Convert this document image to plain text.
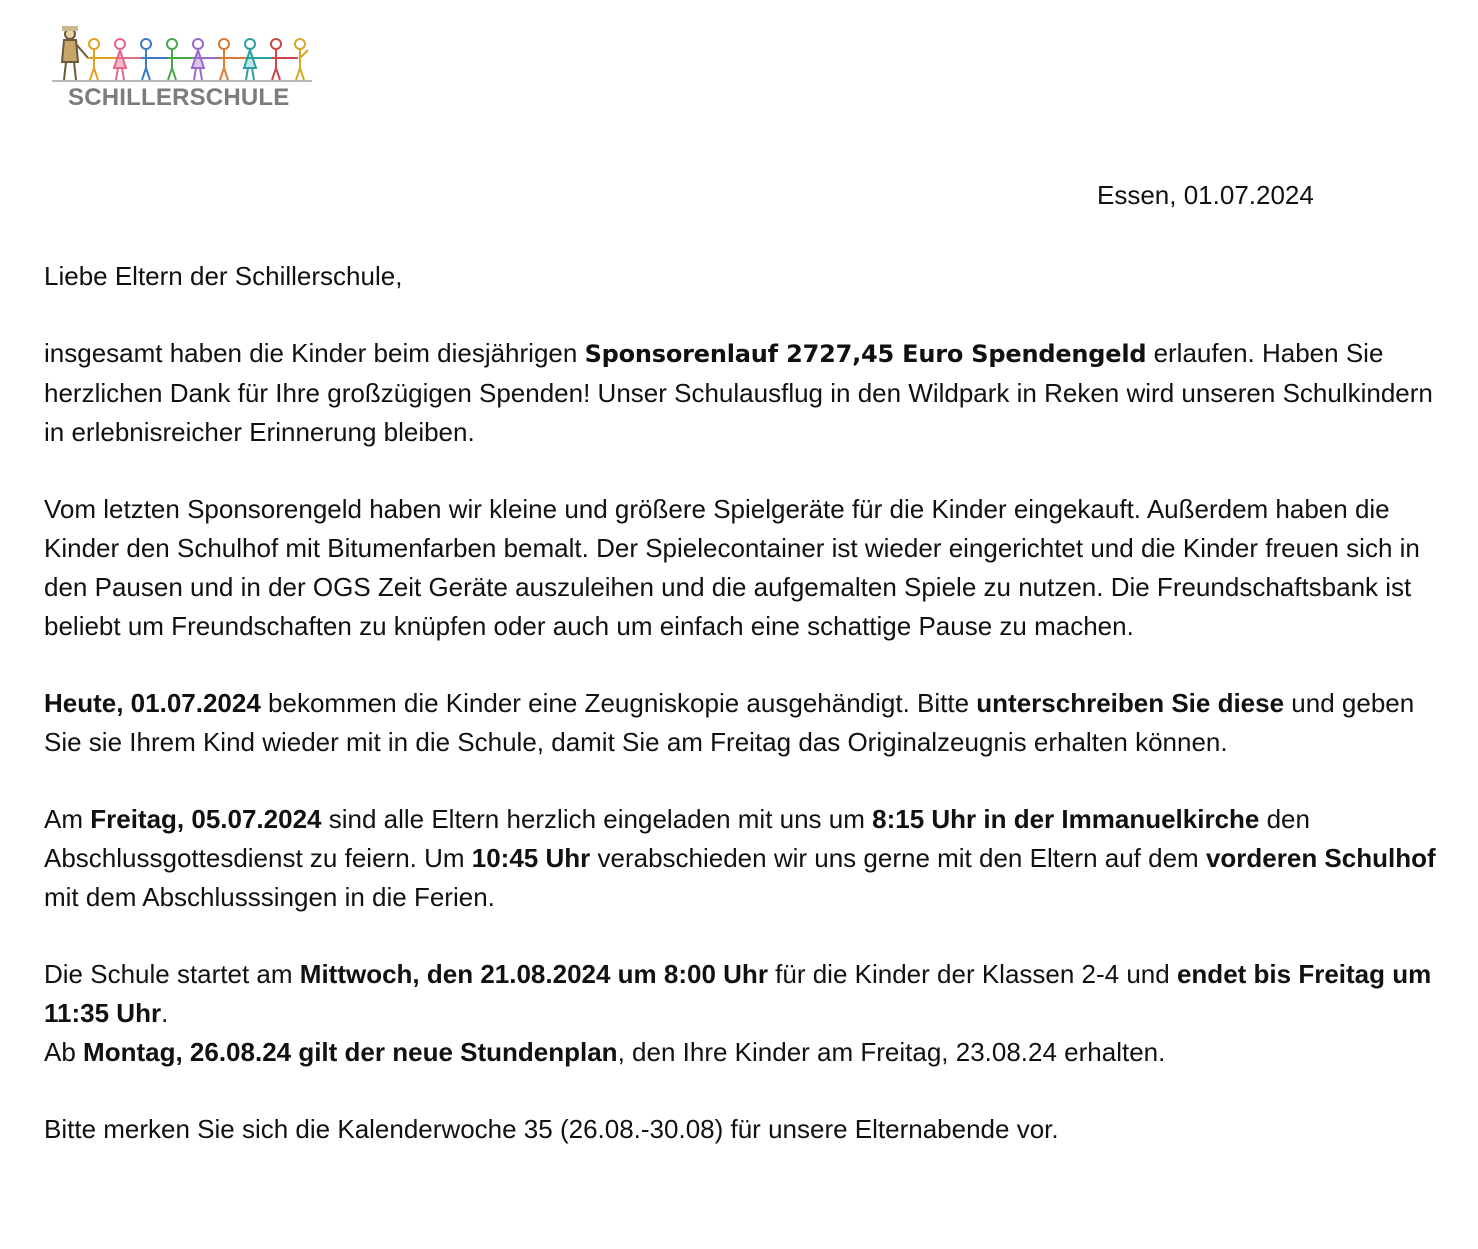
SCHILLERSCHULE
Essen, 01.07.2024

Liebe Eltern der Schillerschule,

insgesamt haben die Kinder beim diesjährigen Sponsorenlauf 2727,45 Euro Spendengeld erlaufen. Haben Sie herzlichen Dank für Ihre großzügigen Spenden! Unser Schulausflug in den Wildpark in Reken wird unseren Schulkindern in erlebnisreicher Erinnerung bleiben.

Vom letzten Sponsorengeld haben wir kleine und größere Spielgeräte für die Kinder eingekauft. Außerdem haben die Kinder den Schulhof mit Bitumenfarben bemalt. Der Spielecontainer ist wieder eingerichtet und die Kinder freuen sich in den Pausen und in der OGS Zeit Geräte auszuleihen und die aufgemalten Spiele zu nutzen. Die Freundschaftsbank ist beliebt um Freundschaften zu knüpfen oder auch um einfach eine schattige Pause zu machen.

Heute, 01.07.2024 bekommen die Kinder eine Zeugniskopie ausgehändigt. Bitte unterschreiben Sie diese und geben Sie sie Ihrem Kind wieder mit in die Schule, damit Sie am Freitag das Originalzeugnis erhalten können.

Am Freitag, 05.07.2024 sind alle Eltern herzlich eingeladen mit uns um 8:15 Uhr in der Immanuelkirche den Abschlussgottesdienst zu feiern. Um 10:45 Uhr verabschieden wir uns gerne mit den Eltern auf dem vorderen Schulhof mit dem Abschlusssingen in die Ferien.

Die Schule startet am Mittwoch, den 21.08.2024 um 8:00 Uhr für die Kinder der Klassen 2-4 und endet bis Freitag um 11:35 Uhr.

Ab Montag, 26.08.24 gilt der neue Stundenplan, den Ihre Kinder am Freitag, 23.08.24 erhalten.

Bitte merken Sie sich die Kalenderwoche 35 (26.08.-30.08) für unsere Elternabende vor.
